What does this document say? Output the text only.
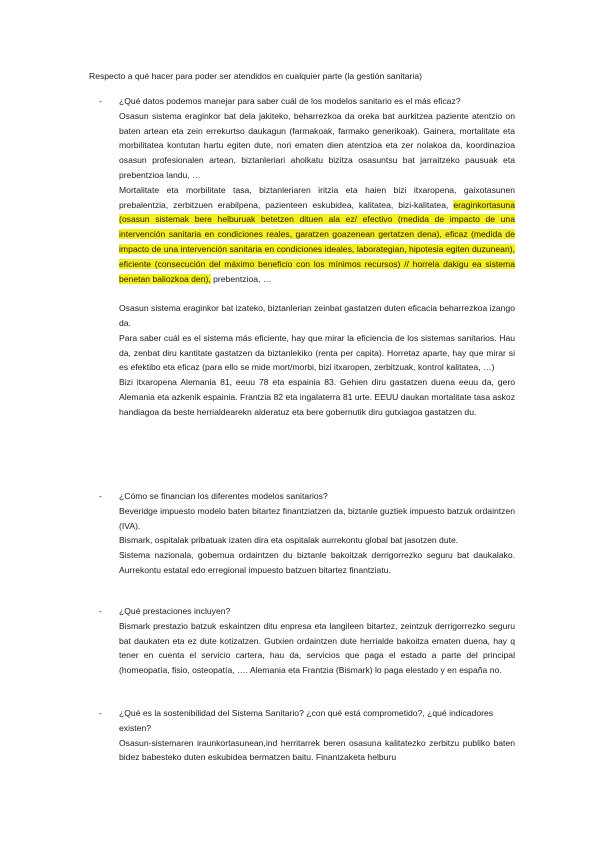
Respecto a qué hacer para poder ser atendidos en cualquier parte (la gestión sanitaria)
- ¿Qué datos podemos manejar para saber cuál de los modelos sanitario es el más eficaz?

Osasun sistema eraginkor bat dela jakiteko, beharrezkoa da oreka bat aurkitzea paziente atentzio on baten artean eta zein errekurtso daukagun (farmakoak, farmako generikoak). Gainera, mortalitate eta morbilitatea kontutan hartu egiten dute, nori ematen dien atentzioa eta zer nolakoa da, koordinazioa osasun profesionalen artean, biztanleriari aholkatu bizitza osasuntsu bat jarraitzeko pausuak eta prebentzioa landu, …

Mortalitate eta morbilitate tasa, biztanleriaren iritzia eta haien bizi itxaropena, gaixotasunen prebalentzia, zerbitzuen erabilpena, pazienteen eskubidea, kalitatea, bizi-kalitatea, eraginkortasuna (osasun sistemak bere helburuak betetzen dituen ala ez/ efectivo (medida de impacto de una intervención sanitaria en condiciones reales, garatzen goazenean gertatzen dena), eficaz (medida de impacto de una intervención sanitaria en condiciones ideales, laborategian, hipotesia egiten duzunean), eficiente (consecución del máximo beneficio con los mínimos recursos) // horrela dakigu ea sistema benetan baliozkoa den), prebentzioa, …

Osasun sistema eraginkor bat izateko, biztanlerian zeinbat gastatzen duten eficacia beharrezkoa izango da.

Para saber cuál es el sistema más eficiente, hay que mirar la eficiencia de los sistemas sanitarios. Hau da, zenbat diru kantitate gastatzen da biztanlekiko (renta per capita). Horretaz aparte, hay que mirar si es efektibo eta eficaz (para ello se mide mort/morbi, bizi itxaropen, zerbitzuak, kontrol kalitatea, …)

Bizi itxaropena Alemania 81, eeuu 78 eta espainia 83. Gehien diru gastatzen duena eeuu da, gero Alemania eta azkenik espainia. Frantzia 82 eta ingalaterra 81 urte. EEUU daukan mortalitate tasa askoz handiagoa da beste herrialdearekn alderatuz eta bere gobernutik diru gutxiagoa gastatzen du.

- ¿Cómo se financian los diferentes modelos sanitarios?

Beveridge impuesto modelo baten bitartez finantziatzen da, biztanle guztiek impuesto batzuk ordaintzen (IVA).

Bismark, ospitalak pribatuak izaten dira eta ospitalak aurrekontu global bat jasotzen dute.

Sistema nazionala, gobernua ordaintzen du biztanle bakoitzak derrigorrezko seguru bat daukalako. Aurrekontu estatal edo erregional impuesto batzuen bitartez finantziatu.

- ¿Qué prestaciones incluyen?

Bismark prestazio batzuk eskaintzen ditu enpresa eta langileen bitartez, zeintzuk derrigorrezko seguru bat daukaten eta ez dute kotizatzen. Gutxien ordaintzen dute herrialde bakoitza ematen duena, hay q tener en cuenta el servicio cartera, hau da, servicios que paga el estado a parte del principal (homeopatía, fisio, osteopatía, …. Alemania eta Frantzia (Bismark) lo paga elestado y en españa no.

- ¿Qué es la sostenibilidad del Sistema Sanitario? ¿con qué está comprometido?, ¿qué indicadores existen?

Osasun-sistemaren iraunkortasunean,ind herritarrek beren osasuna kalitatezko zerbitzu publiko baten bidez babesteko duten eskubidea bermatzen baitu. Finantzaketa helburu
